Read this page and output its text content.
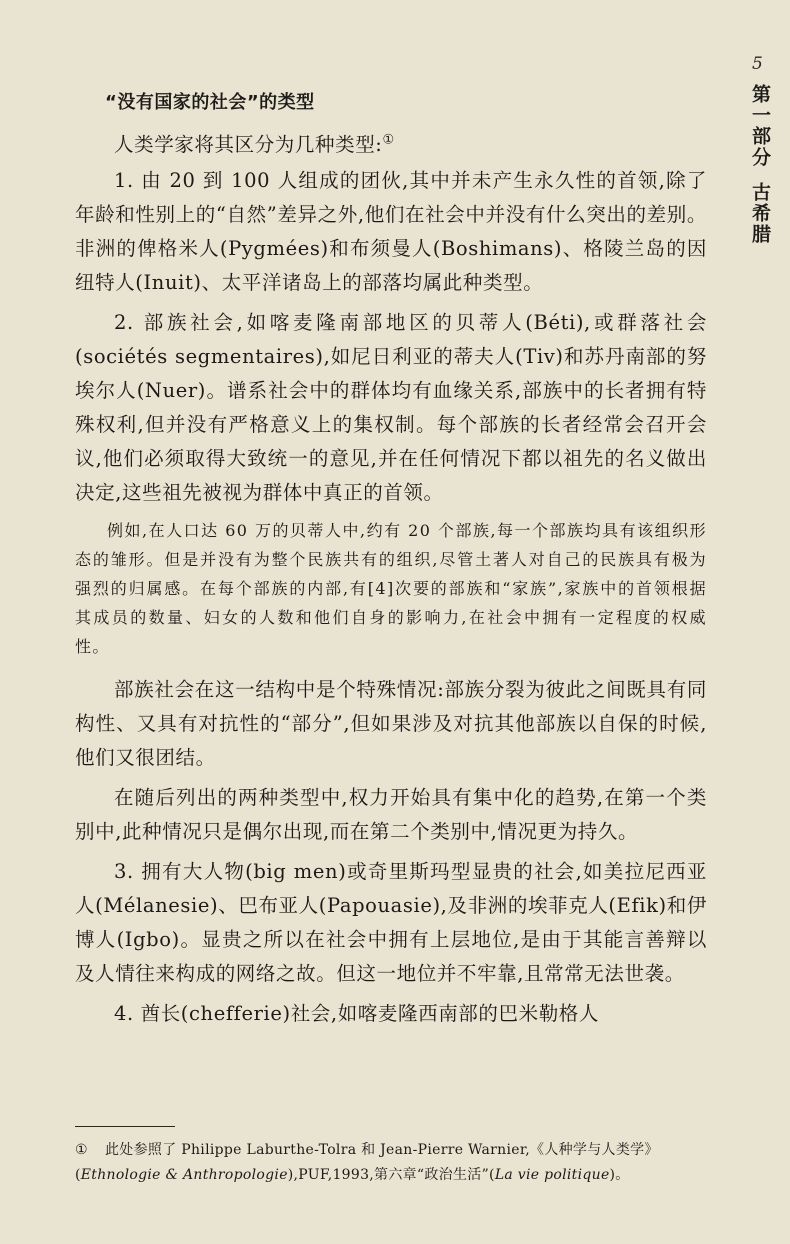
5
第一部分古希腊
“没有国家的社会”的类型

人类学家将其区分为几种类型:①

1. 由 20 到 100 人组成的团伙,其中并未产生永久性的首领,除了年龄和性别上的“自然”差异之外,他们在社会中并没有什么突出的差别。非洲的俾格米人(Pygmées)和布须曼人(Boshimans)、格陵兰岛的因纽特人(Inuit)、太平洋诸岛上的部落均属此种类型。

2. 部族社会,如喀麦隆南部地区的贝蒂人(Béti),或群落社会(sociétés segmentaires),如尼日利亚的蒂夫人(Tiv)和苏丹南部的努埃尔人(Nuer)。谱系社会中的群体均有血缘关系,部族中的长者拥有特殊权利,但并没有严格意义上的集权制。每个部族的长者经常会召开会议,他们必须取得大致统一的意见,并在任何情况下都以祖先的名义做出决定,这些祖先被视为群体中真正的首领。

例如,在人口达 60 万的贝蒂人中,约有 20 个部族,每一个部族均具有该组织形态的雏形。但是并没有为整个民族共有的组织,尽管土著人对自己的民族具有极为强烈的归属感。在每个部族的内部,有[4]次要的部族和“家族”,家族中的首领根据其成员的数量、妇女的人数和他们自身的影响力,在社会中拥有一定程度的权威性。

部族社会在这一结构中是个特殊情况:部族分裂为彼此之间既具有同构性、又具有对抗性的“部分”,但如果涉及对抗其他部族以自保的时候,他们又很团结。

在随后列出的两种类型中,权力开始具有集中化的趋势,在第一个类别中,此种情况只是偶尔出现,而在第二个类别中,情况更为持久。

3. 拥有大人物(big men)或奇里斯玛型显贵的社会,如美拉尼西亚人(Mélanesie)、巴布亚人(Papouasie),及非洲的埃菲克人(Efik)和伊博人(Igbo)。显贵之所以在社会中拥有上层地位,是由于其能言善辩以及人情往来构成的网络之故。但这一地位并不牢靠,且常常无法世袭。

4. 酋长(chefferie)社会,如喀麦隆西南部的巴米勒格人

① 此处参照了 Philippe Laburthe-Tolra 和 Jean-Pierre Warnier,《人种学与人类学》(Ethnologie & Anthropologie),PUF,1993,第六章“政治生活”(La vie politique)。
